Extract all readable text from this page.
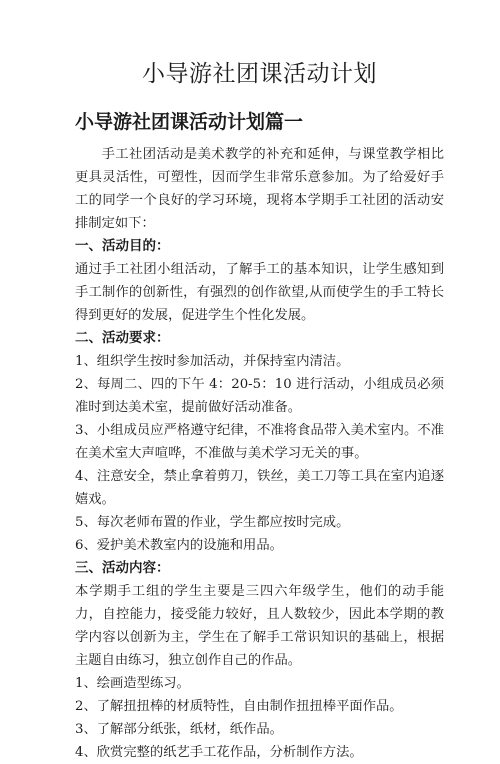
小导游社团课活动计划
小导游社团课活动计划篇一

手工社团活动是美术教学的补充和延伸，与课堂教学相比更具灵活性，可塑性，因而学生非常乐意参加。为了给爱好手工的同学一个良好的学习环境，现将本学期手工社团的活动安排制定如下：

一、活动目的：

通过手工社团小组活动，了解手工的基本知识，让学生感知到手工制作的创新性，有强烈的创作欲望,从而使学生的手工特长得到更好的发展，促进学生个性化发展。

二、活动要求：

1、组织学生按时参加活动，并保持室内清洁。

2、每周二、四的下午 4：20-5：10 进行活动，小组成员必须准时到达美术室，提前做好活动准备。

3、小组成员应严格遵守纪律，不准将食品带入美术室内。不准在美术室大声喧哗，不准做与美术学习无关的事。

4、注意安全，禁止拿着剪刀，铁丝，美工刀等工具在室内追逐嬉戏。

5、每次老师布置的作业，学生都应按时完成。

6、爱护美术教室内的设施和用品。

三、活动内容：

本学期手工组的学生主要是三四六年级学生，他们的动手能力，自控能力，接受能力较好，且人数较少，因此本学期的教学内容以创新为主，学生在了解手工常识知识的基础上，根据主题自由练习，独立创作自己的作品。

1、绘画造型练习。

2、了解扭扭棒的材质特性，自由制作扭扭棒平面作品。

3、了解部分纸张，纸材，纸作品。

4、欣赏完整的纸艺手工花作品，分析制作方法。
